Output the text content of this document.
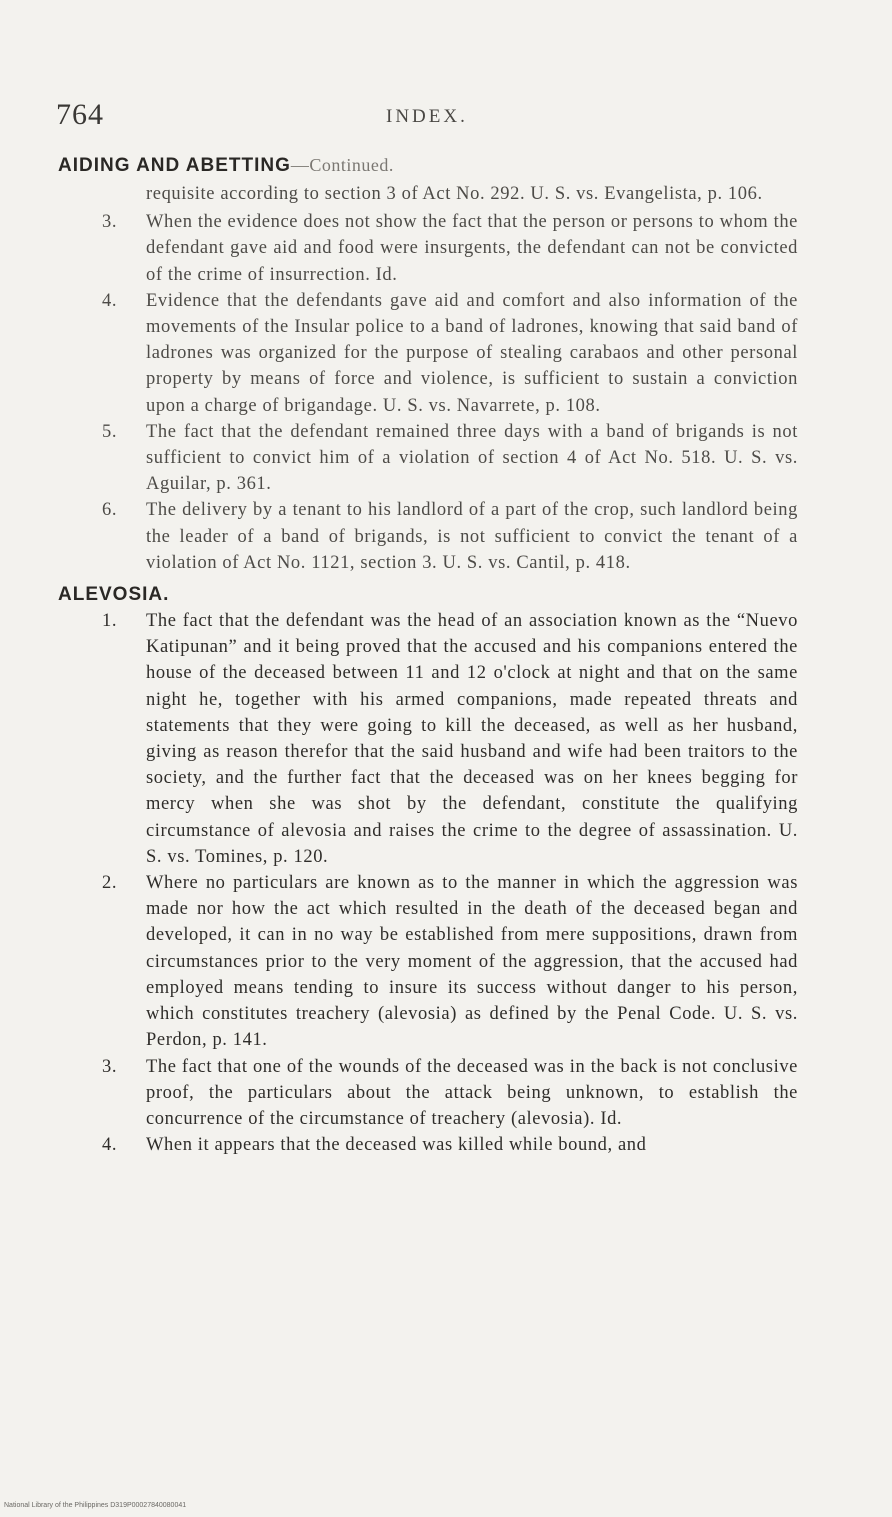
764	INDEX.

AIDING AND ABETTING—Continued.

requisite according to section 3 of Act No. 292. U. S. vs. Evangelista, p. 106.
3. When the evidence does not show the fact that the person or persons to whom the defendant gave aid and food were insurgents, the defendant can not be convicted of the crime of insurrection. Id.
4. Evidence that the defendants gave aid and comfort and also information of the movements of the Insular police to a band of ladrones, knowing that said band of ladrones was organized for the purpose of stealing carabaos and other personal property by means of force and violence, is sufficient to sustain a conviction upon a charge of brigandage. U. S. vs. Navarrete, p. 108.
5. The fact that the defendant remained three days with a band of brigands is not sufficient to convict him of a violation of section 4 of Act No. 518. U. S. vs. Aguilar, p. 361.
6. The delivery by a tenant to his landlord of a part of the crop, such landlord being the leader of a band of brigands, is not sufficient to convict the tenant of a violation of Act No. 1121, section 3. U. S. vs. Cantil, p. 418.

ALEVOSIA.

1. The fact that the defendant was the head of an association known as the “Nuevo Katipunan” and it being proved that the accused and his companions entered the house of the deceased between 11 and 12 o'clock at night and that on the same night he, together with his armed companions, made repeated threats and statements that they were going to kill the deceased, as well as her husband, giving as reason therefor that the said husband and wife had been traitors to the society, and the further fact that the deceased was on her knees begging for mercy when she was shot by the defendant, constitute the qualifying circumstance of alevosia and raises the crime to the degree of assassination. U. S. vs. Tomines, p. 120.
2. Where no particulars are known as to the manner in which the aggression was made nor how the act which resulted in the death of the deceased began and developed, it can in no way be established from mere suppositions, drawn from circumstances prior to the very moment of the aggression, that the accused had employed means tending to insure its success without danger to his person, which constitutes treachery (alevosia) as defined by the Penal Code. U. S. vs. Perdon, p. 141.
3. The fact that one of the wounds of the deceased was in the back is not conclusive proof, the particulars about the attack being unknown, to establish the concurrence of the circumstance of treachery (alevosia). Id.
4. When it appears that the deceased was killed while bound, and
National Library of the Philippines D319P00027840080041
